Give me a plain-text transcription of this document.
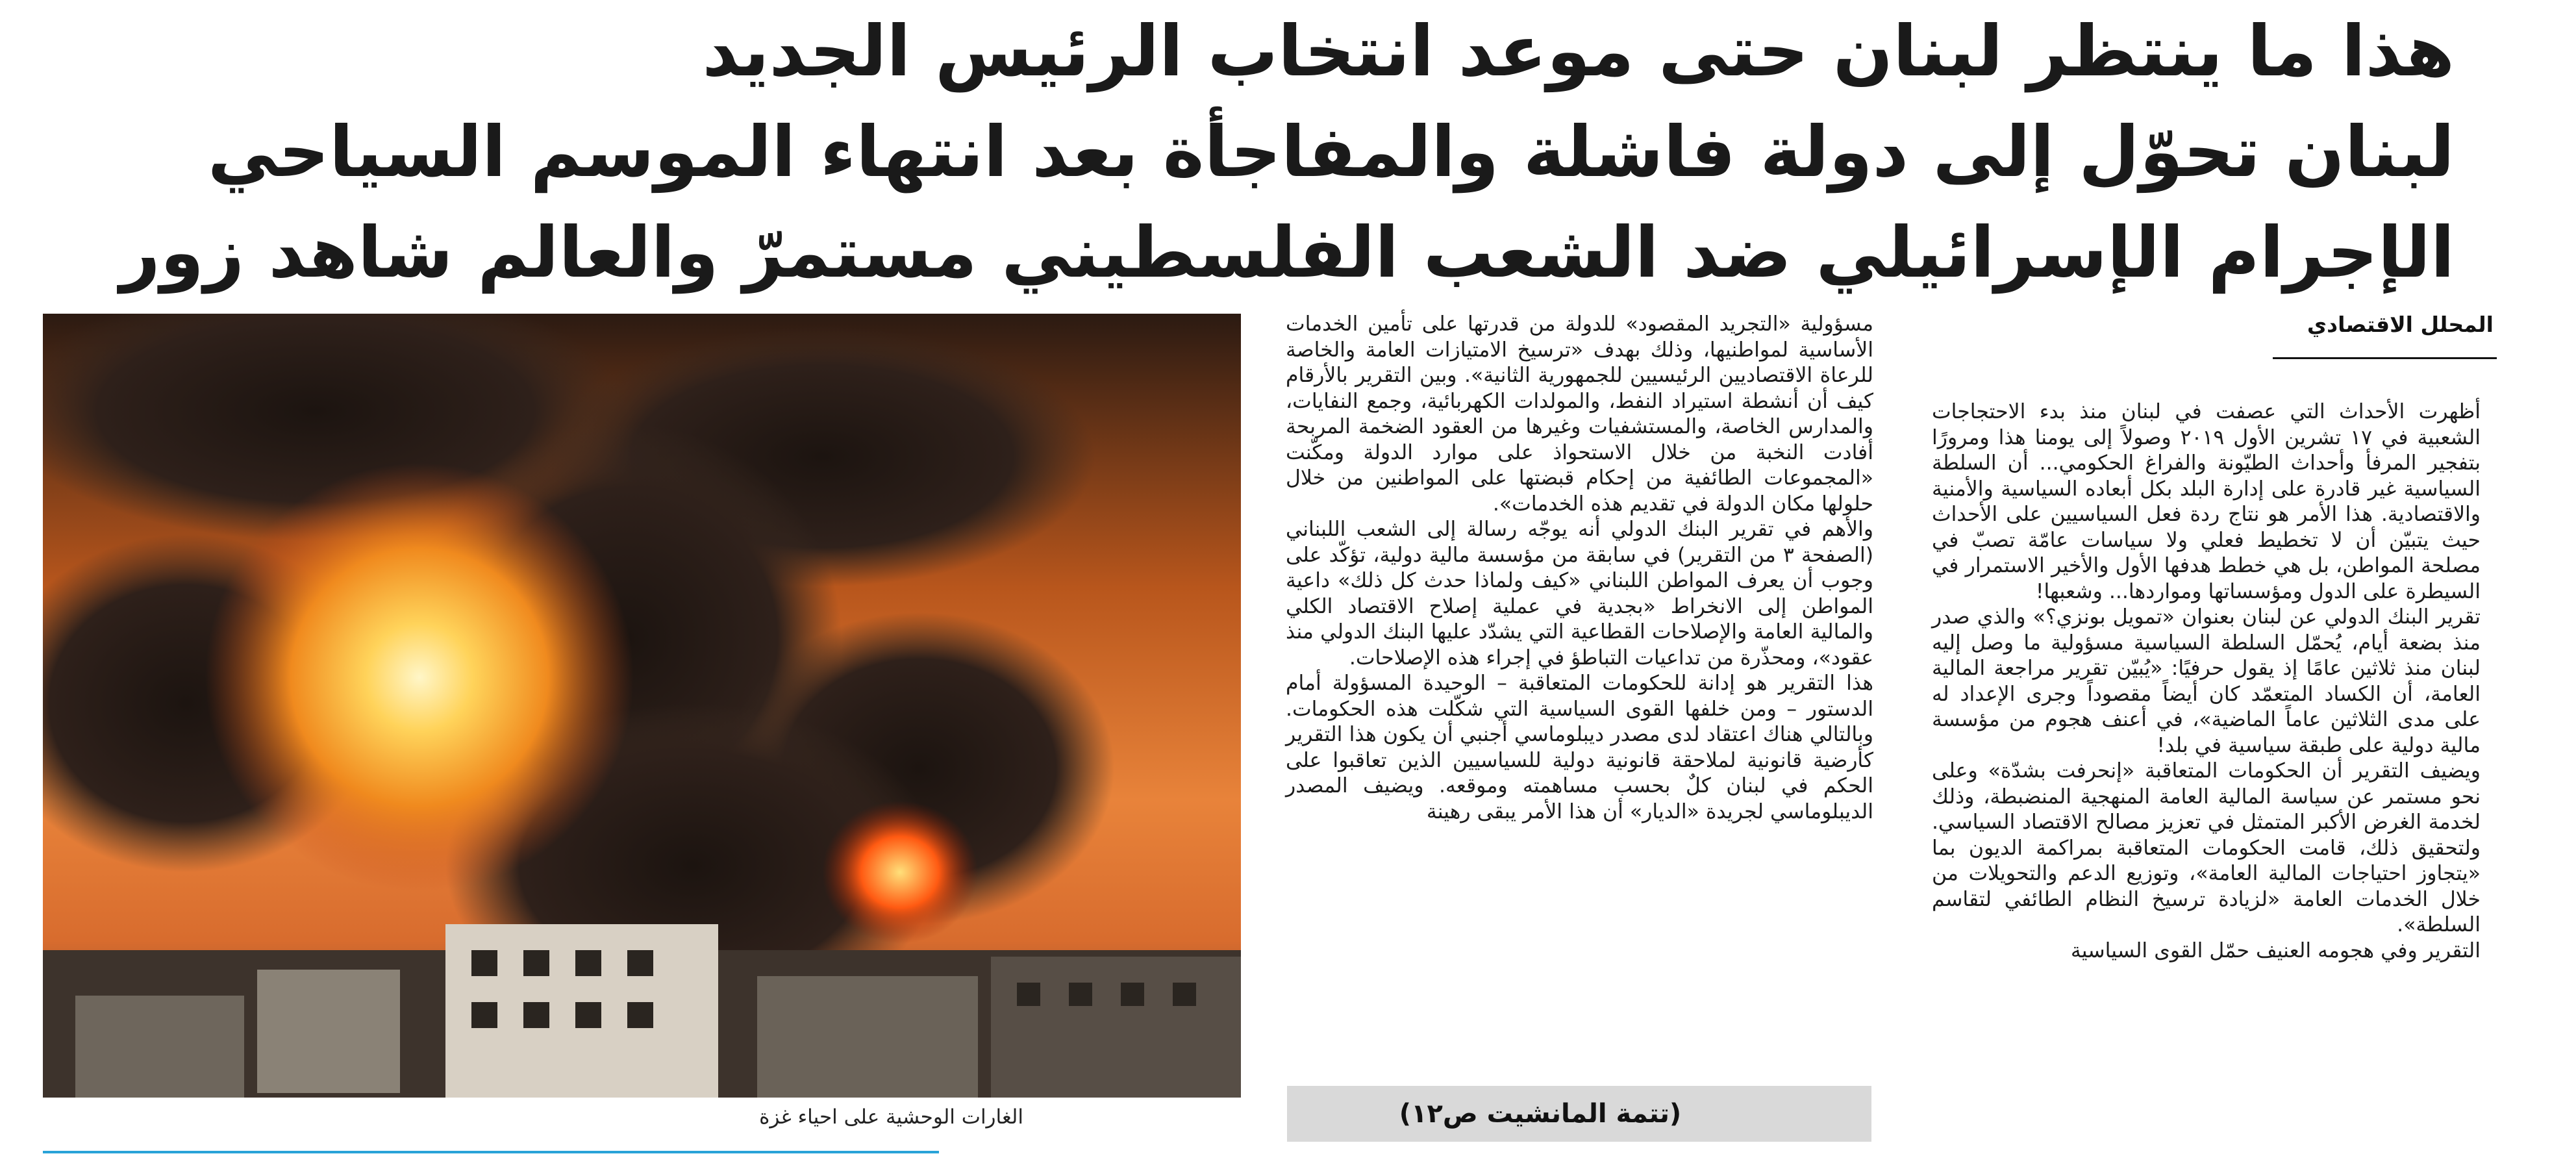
هذا ما ينتظر لبنان حتى موعد انتخاب الرئيس الجديد
لبنان تحوّل إلى دولة فاشلة والمفاجأة بعد انتهاء الموسم السياحي
الإجرام الإسرائيلي ضد الشعب الفلسطيني مستمرّ والعالم شاهد زور
الغارات الوحشية على احياء غزة
المحلل الاقتصادي

أظهرت الأحداث التي عصفت في لبنان منذ بدء الاحتجاجات الشعبية في ١٧ تشرين الأول ٢٠١٩ وصولاً إلى يومنا هذا ومرورًا بتفجير المرفأ وأحداث الطيّونة والفراغ الحكومي... أن السلطة السياسية غير قادرة على إدارة البلد بكل أبعاده السياسية والأمنية والاقتصادية. هذا الأمر هو نتاج ردة فعل السياسيين على الأحداث حيث يتبيّن أن لا تخطيط فعلي ولا سياسات عامّة تصبّ في مصلحة المواطن، بل هي خطط هدفها الأول والأخير الاستمرار في السيطرة على الدول ومؤسساتها ومواردها... وشعبها!

تقرير البنك الدولي عن لبنان بعنوان «تمويل بونزي؟» والذي صدر منذ بضعة أيام، يُحمّل السلطة السياسية مسؤولية ما وصل إليه لبنان منذ ثلاثين عامًا إذ يقول حرفيًا: «يُبيّن تقرير مراجعة المالية العامة، أن الكساد المتعمّد كان أيضاً مقصوداً وجرى الإعداد له على مدى الثلاثين عاماً الماضية»، في أعنف هجوم من مؤسسة مالية دولية على طبقة سياسية في بلد!

ويضيف التقرير أن الحكومات المتعاقبة «إنحرفت بشدّة» وعلى نحو مستمر عن سياسة المالية العامة المنهجية المنضبطة، وذلك لخدمة الغرض الأكبر المتمثل في تعزيز مصالح الاقتصاد السياسي. ولتحقيق ذلك، قامت الحكومات المتعاقبة بمراكمة الديون بما «يتجاوز احتياجات المالية العامة»، وتوزيع الدعم والتحويلات من خلال الخدمات العامة «لزيادة ترسيخ النظام الطائفي لتقاسم السلطة».

التقرير وفي هجومه العنيف حمّل القوى السياسية

مسؤولية «التجريد المقصود» للدولة من قدرتها على تأمين الخدمات الأساسية لمواطنيها، وذلك بهدف «ترسيخ الامتيازات العامة والخاصة للرعاة الاقتصاديين الرئيسيين للجمهورية الثانية». وبين التقرير بالأرقام كيف أن أنشطة استيراد النفط، والمولدات الكهربائية، وجمع النفايات، والمدارس الخاصة، والمستشفيات وغيرها من العقود الضخمة المربحة أفادت النخبة من خلال الاستحواذ على موارد الدولة ومكّنت «المجموعات الطائفية من إحكام قبضتها على المواطنين من خلال حلولها مكان الدولة في تقديم هذه الخدمات».

والأهم في تقرير البنك الدولي أنه يوجّه رسالة إلى الشعب اللبناني (الصفحة ٣ من التقرير) في سابقة من مؤسسة مالية دولية، تؤكّد على وجوب أن يعرف المواطن اللبناني «كيف ولماذا حدث كل ذلك» داعية المواطن إلى الانخراط «بجدية في عملية إصلاح الاقتصاد الكلي والمالية العامة والإصلاحات القطاعية التي يشدّد عليها البنك الدولي منذ عقود»، ومحذّرة من تداعيات التباطؤ في إجراء هذه الإصلاحات.

هذا التقرير هو إدانة للحكومات المتعاقبة – الوحيدة المسؤولة أمام الدستور – ومن خلفها القوى السياسية التي شكّلت هذه الحكومات. وبالتالي هناك اعتقاد لدى مصدر ديبلوماسي أجنبي أن يكون هذا التقرير كأرضية قانونية لملاحقة قانونية دولية للسياسيين الذين تعاقبوا على الحكم في لبنان كلٌ بحسب مساهمته وموقعه. ويضيف المصدر الديبلوماسي لجريدة «الديار» أن هذا الأمر يبقى رهينة

(تتمة المانشيت ص١٢)
